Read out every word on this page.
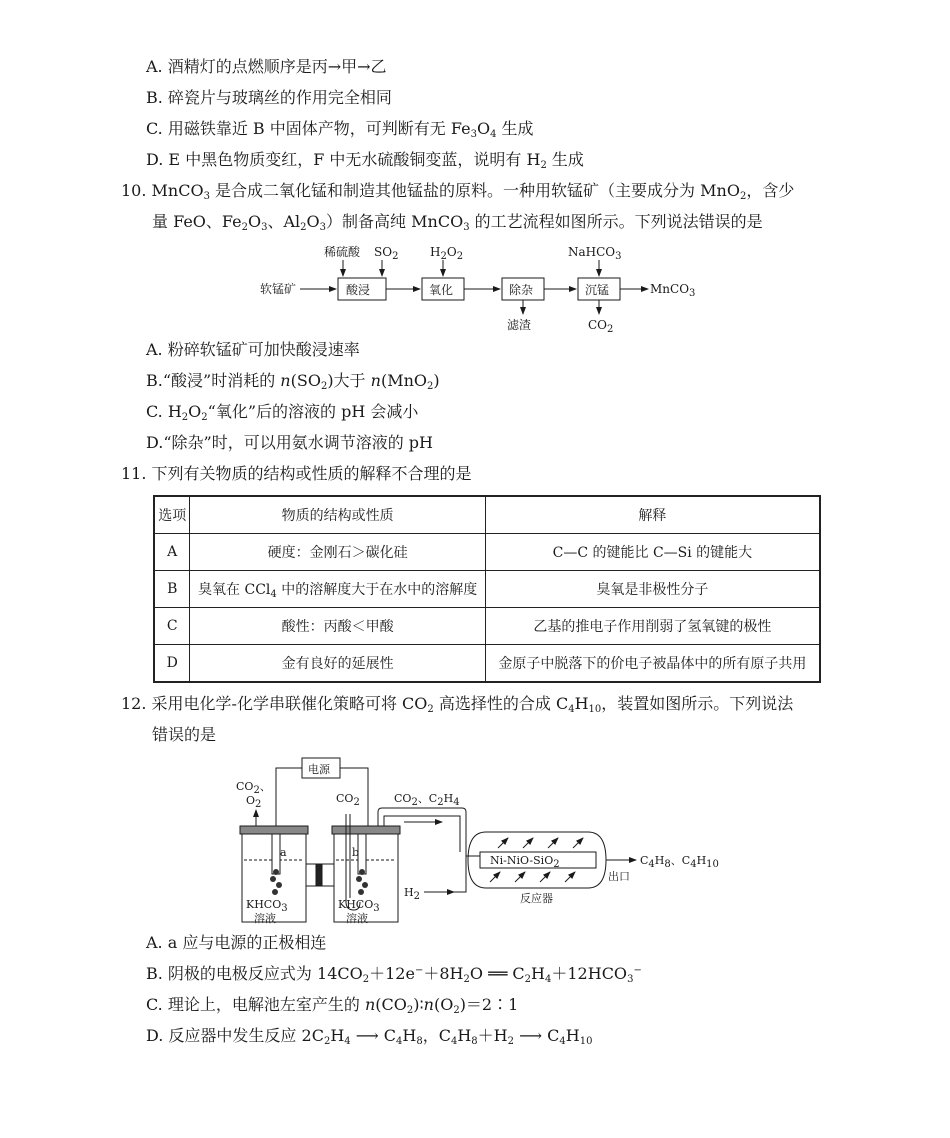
A. 酒精灯的点燃顺序是丙→甲→乙
B. 碎瓷片与玻璃丝的作用完全相同
C. 用磁铁靠近 B 中固体产物，可判断有无 $Fe_3O_4$ 生成
D. E 中黑色物质变红，F 中无水硫酸铜变蓝，说明有 $H_2$ 生成
10. MnCO$_3$ 是合成二氧化锰和制造其他锰盐的原料。一种用软锰矿（主要成分为 MnO$_2$，含少
量 FeO、$Fe_2O_3$、$Al_2O_3$）制备高纯 MnCO$_3$ 的工艺流程如图所示。下列说法错误的是
软锰矿	酸浸
稀硫酸 SO2
氧化
H2O2
除杂
滤渣
沉锰
NaHCO3
CO2
MnCO3
A. 粉碎软锰矿可加快酸浸速率
B.“酸浸”时消耗的 $n(SO_2)$大于 n(MnO$_2$)
C. $H_2O_2“$氧化”后的溶液的 pH 会减小
D.“除杂”时，可以用氨水调节溶液的 pH
11. 下列有关物质的结构或性质的解释不合理的是
选项	物质的结构或性质	解释
A	硬度：金刚石＞碳化硅	C—C 的键能比 C—Si 的键能大
B	臭氧在 CCl$_4$ 中的溶解度大于在水中的溶解度	臭氧是非极性分子
C	酸性：丙酸＜甲酸	乙基的推电子作用削弱了氢氧键的极性
D	金有良好的延展性	金原子中脱落下的价电子被晶体中的所有原子共用
12. 采用电化学-化学串联催化策略可将 $CO_2$ 高选择性的合成 $C_4H_{10}$，装置如图所示。下列说法
错误的是
电源
CO2、
O2	CO2	CO2、C2H4
a	b
KHCO3
溶液
KHCO3
溶液
H2
Ni-NiO-SiO2
反应器
出口
C4H8、C4H10
A. a 应与电源的正极相连
B. 阴极的电极反应式为 $14CO_2+12e^-+8H_2O$ ══ $C_2H_4+12HCO_3^-$
C. 理论上，电解池左室产生的 $n(CO_2)∶n(O_2)=2∶1$
D. 反应器中发生反应 $2C_2H_4$ ⟶ $C_4H_8$，$C_4H_8+H_2$ ⟶ $C_4H_{10}$
